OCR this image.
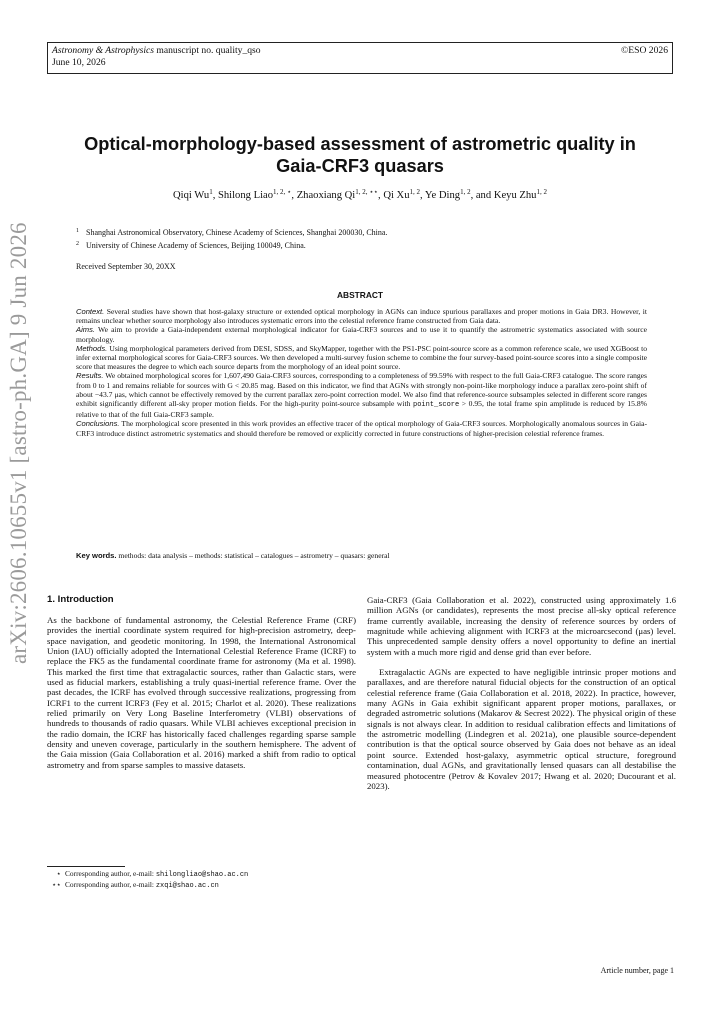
arXiv:2606.10655v1 [astro-ph.GA] 9 Jun 2026
Astronomy & Astrophysics manuscript no. quality_qso
June 10, 2026
©ESO 2026
Optical-morphology-based assessment of astrometric quality in
Gaia-CRF3 quasars
Qiqi Wu$^1$, Shilong Liao$^{1, 2, ⋆}$, Zhaoxiang $Qi^{1, 2, ⋆⋆}$, Qi Xu$^{1, 2}$, Ye Ding$^{1, 2}$, and Keyu Zhu$^{1, 2}$
1 Shanghai Astronomical Observatory, Chinese Academy of Sciences, Shanghai 200030, China.
2 University of Chinese Academy of Sciences, Beijing 100049, China.
Received September 30, 20XX
ABSTRACT

Context. Several studies have shown that host-galaxy structure or extended optical morphology in AGNs can induce spurious parallaxes and proper motions in Gaia DR3. However, it remains unclear whether source morphology also introduces systematic errors into the celestial reference frame constructed from Gaia data.

Aims. We aim to provide a Gaia-independent external morphological indicator for Gaia-CRF3 sources and to use it to quantify the astrometric systematics associated with source morphology.

Methods. Using morphological parameters derived from DESI, SDSS, and SkyMapper, together with the PS1-PSC point-source score as a common reference scale, we used XGBoost to infer external morphological scores for Gaia-CRF3 sources. We then developed a multi-survey fusion scheme to combine the four survey-based point-source scores into a single composite score that measures the degree to which each source departs from the morphology of an ideal point source.

Results. We obtained morphological scores for 1,607,490 Gaia-CRF3 sources, corresponding to a completeness of 99.59% with respect to the full Gaia-CRF3 catalogue. The score ranges from 0 to 1 and remains reliable for sources with G < 20.85 mag. Based on this indicator, we find that AGNs with strongly non-point-like morphology induce a parallax zero-point shift of about −43.7 μas, which cannot be effectively removed by the current parallax zero-point correction model. We also find that reference-source subsamples selected in different score ranges exhibit significantly different all-sky proper motion fields. For the high-purity point-source subsample with point_score > 0.95, the total frame spin amplitude is reduced by 15.8% relative to that of the full Gaia-CRF3 sample.

Conclusions. The morphological score presented in this work provides an effective tracer of the optical morphology of Gaia-CRF3 sources. Morphologically anomalous sources in Gaia-CRF3 introduce distinct astrometric systematics and should therefore be removed or explicitly corrected in future constructions of higher-precision celestial reference frames.

Key words. methods: data analysis – methods: statistical – catalogues – astrometry – quasars: general
1. Introduction

As the backbone of fundamental astronomy, the Celestial Reference Frame (CRF) provides the inertial coordinate system required for high-precision astrometry, deep-space navigation, and geodetic monitoring. In 1998, the International Astronomical Union (IAU) officially adopted the International Celestial Reference Frame (ICRF) to replace the FK5 as the fundamental coordinate frame for astronomy (Ma et al. 1998). This marked the first time that extragalactic sources, rather than Galactic stars, were used as fiducial markers, establishing a truly quasi-inertial reference frame. Over the past decades, the ICRF has evolved through successive realizations, progressing from ICRF1 to the current ICRF3 (Fey et al. 2015; Charlot et al. 2020). These realizations relied primarily on Very Long Baseline Interferometry (VLBI) observations of hundreds to thousands of radio quasars. While VLBI achieves exceptional precision in the radio domain, the ICRF has historically faced challenges regarding sparse sample density and uneven coverage, particularly in the southern hemisphere. The advent of the Gaia mission (Gaia Collaboration et al. 2016) marked a shift from radio to optical astrometry and from sparse samples to massive datasets.

Gaia-CRF3 (Gaia Collaboration et al. 2022), constructed using approximately 1.6 million AGNs (or candidates), represents the most precise all-sky optical reference frame currently available, increasing the density of reference sources by orders of magnitude while achieving alignment with ICRF3 at the microarcsecond (μas) level. This unprecedented sample density offers a novel opportunity to define an inertial system with a much more rigid and dense grid than ever before.

Extragalactic AGNs are expected to have negligible intrinsic proper motions and parallaxes, and are therefore natural fiducial objects for the construction of an optical celestial reference frame (Gaia Collaboration et al. 2018, 2022). In practice, however, many AGNs in Gaia exhibit significant apparent proper motions, parallaxes, or degraded astrometric solutions (Makarov & Secrest 2022). The physical origin of these signals is not always clear. In addition to residual calibration effects and limitations of the astrometric modelling (Lindegren et al. 2021a), one plausible source-dependent contribution is that the optical source observed by Gaia does not behave as an ideal point source. Extended host-galaxy, asymmetric optical structure, foreground contamination, dual AGNs, and gravitationally lensed quasars can all destabilise the measured photocentre (Petrov & Kovalev 2017; Hwang et al. 2020; Ducourant et al. 2023).

⋆ Corresponding author, e-mail: shilongliao@shao.ac.cn
⋆⋆ Corresponding author, e-mail: zxqi@shao.ac.cn
Article number, page 1
